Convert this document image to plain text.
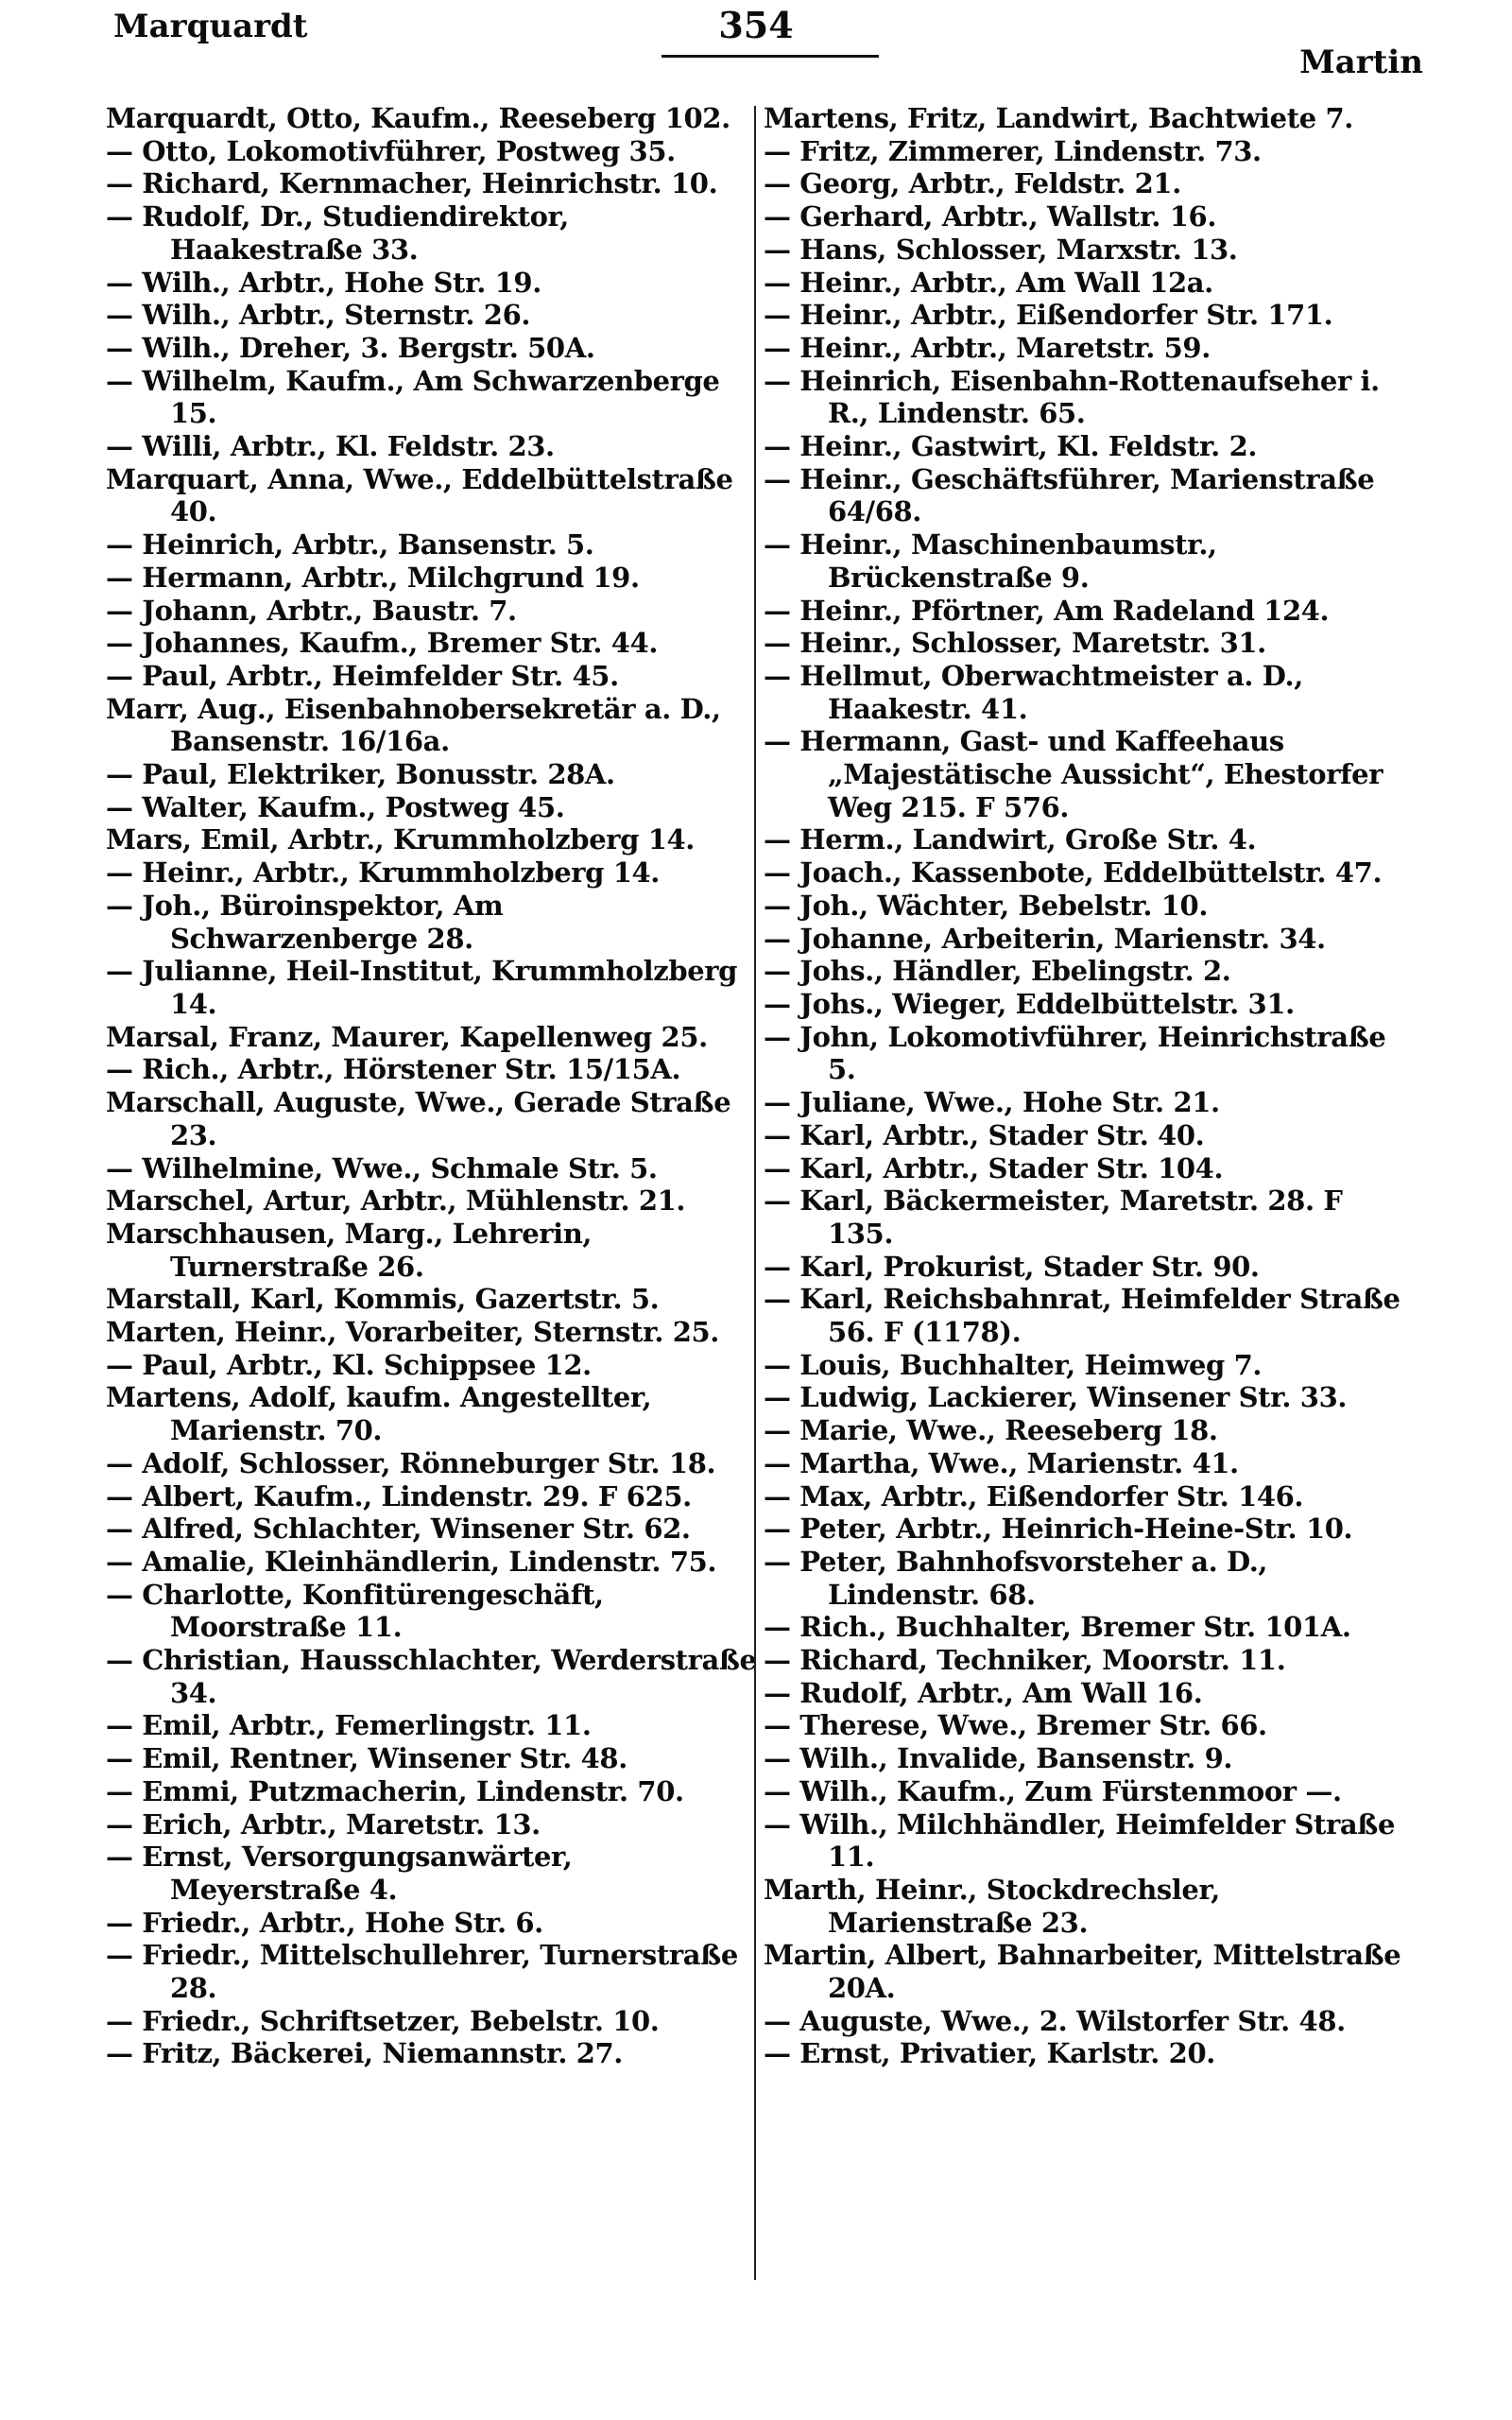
Marquardt	354
Martin

Marquardt, Otto, Kaufm., Reeseberg 102.

— Otto, Lokomotivführer, Postweg 35.

— Richard, Kernmacher, Heinrichstr. 10.

— Rudolf, Dr., Studiendirektor, Haakestraße 33.

— Wilh., Arbtr., Hohe Str. 19.

— Wilh., Arbtr., Sternstr. 26.

— Wilh., Dreher, 3. Bergstr. 50A.

— Wilhelm, Kaufm., Am Schwarzenberge 15.

— Willi, Arbtr., Kl. Feldstr. 23.

Marquart, Anna, Wwe., Eddelbüttelstraße 40.

— Heinrich, Arbtr., Bansenstr. 5.

— Hermann, Arbtr., Milchgrund 19.

— Johann, Arbtr., Baustr. 7.

— Johannes, Kaufm., Bremer Str. 44.

— Paul, Arbtr., Heimfelder Str. 45.

Marr, Aug., Eisenbahnobersekretär a. D., Bansenstr. 16/16a.

— Paul, Elektriker, Bonusstr. 28A.

— Walter, Kaufm., Postweg 45.

Mars, Emil, Arbtr., Krummholzberg 14.

— Heinr., Arbtr., Krummholzberg 14.

— Joh., Büroinspektor, Am Schwarzenberge 28.

— Julianne, Heil-Institut, Krummholzberg 14.

Marsal, Franz, Maurer, Kapellenweg 25.

— Rich., Arbtr., Hörstener Str. 15/15A.

Marschall, Auguste, Wwe., Gerade Straße 23.

— Wilhelmine, Wwe., Schmale Str. 5.

Marschel, Artur, Arbtr., Mühlenstr. 21.

Marschhausen, Marg., Lehrerin, Turnerstraße 26.

Marstall, Karl, Kommis, Gazertstr. 5.

Marten, Heinr., Vorarbeiter, Sternstr. 25.

— Paul, Arbtr., Kl. Schippsee 12.

Martens, Adolf, kaufm. Angestellter, Marienstr. 70.

— Adolf, Schlosser, Rönneburger Str. 18.

— Albert, Kaufm., Lindenstr. 29. F 625.

— Alfred, Schlachter, Winsener Str. 62.

— Amalie, Kleinhändlerin, Lindenstr. 75.

— Charlotte, Konfitürengeschäft, Moorstraße 11.

— Christian, Hausschlachter, Werderstraße 34.

— Emil, Arbtr., Femerlingstr. 11.

— Emil, Rentner, Winsener Str. 48.

— Emmi, Putzmacherin, Lindenstr. 70.

— Erich, Arbtr., Maretstr. 13.

— Ernst, Versorgungsanwärter, Meyerstraße 4.

— Friedr., Arbtr., Hohe Str. 6.

— Friedr., Mittelschullehrer, Turnerstraße 28.

— Friedr., Schriftsetzer, Bebelstr. 10.

— Fritz, Bäckerei, Niemannstr. 27.

Martens, Fritz, Landwirt, Bachtwiete 7.

— Fritz, Zimmerer, Lindenstr. 73.

— Georg, Arbtr., Feldstr. 21.

— Gerhard, Arbtr., Wallstr. 16.

— Hans, Schlosser, Marxstr. 13.

— Heinr., Arbtr., Am Wall 12a.

— Heinr., Arbtr., Eißendorfer Str. 171.

— Heinr., Arbtr., Maretstr. 59.

— Heinrich, Eisenbahn-Rottenaufseher i. R., Lindenstr. 65.

— Heinr., Gastwirt, Kl. Feldstr. 2.

— Heinr., Geschäftsführer, Marienstraße 64/68.

— Heinr., Maschinenbaumstr., Brückenstraße 9.

— Heinr., Pförtner, Am Radeland 124.

— Heinr., Schlosser, Maretstr. 31.

— Hellmut, Oberwachtmeister a. D., Haakestr. 41.

— Hermann, Gast- und Kaffeehaus „Majestätische Aussicht“, Ehestorfer Weg 215. F 576.

— Herm., Landwirt, Große Str. 4.

— Joach., Kassenbote, Eddelbüttelstr. 47.

— Joh., Wächter, Bebelstr. 10.

— Johanne, Arbeiterin, Marienstr. 34.

— Johs., Händler, Ebelingstr. 2.

— Johs., Wieger, Eddelbüttelstr. 31.

— John, Lokomotivführer, Heinrichstraße 5.

— Juliane, Wwe., Hohe Str. 21.

— Karl, Arbtr., Stader Str. 40.

— Karl, Arbtr., Stader Str. 104.

— Karl, Bäckermeister, Maretstr. 28. F 135.

— Karl, Prokurist, Stader Str. 90.

— Karl, Reichsbahnrat, Heimfelder Straße 56. F (1178).

— Louis, Buchhalter, Heimweg 7.

— Ludwig, Lackierer, Winsener Str. 33.

— Marie, Wwe., Reeseberg 18.

— Martha, Wwe., Marienstr. 41.

— Max, Arbtr., Eißendorfer Str. 146.

— Peter, Arbtr., Heinrich-Heine-Str. 10.

— Peter, Bahnhofsvorsteher a. D., Lindenstr. 68.

— Rich., Buchhalter, Bremer Str. 101A.

— Richard, Techniker, Moorstr. 11.

— Rudolf, Arbtr., Am Wall 16.

— Therese, Wwe., Bremer Str. 66.

— Wilh., Invalide, Bansenstr. 9.

— Wilh., Kaufm., Zum Fürstenmoor —.

— Wilh., Milchhändler, Heimfelder Straße 11.

Marth, Heinr., Stockdrechsler, Marienstraße 23.

Martin, Albert, Bahnarbeiter, Mittelstraße 20A.

— Auguste, Wwe., 2. Wilstorfer Str. 48.

— Ernst, Privatier, Karlstr. 20.
